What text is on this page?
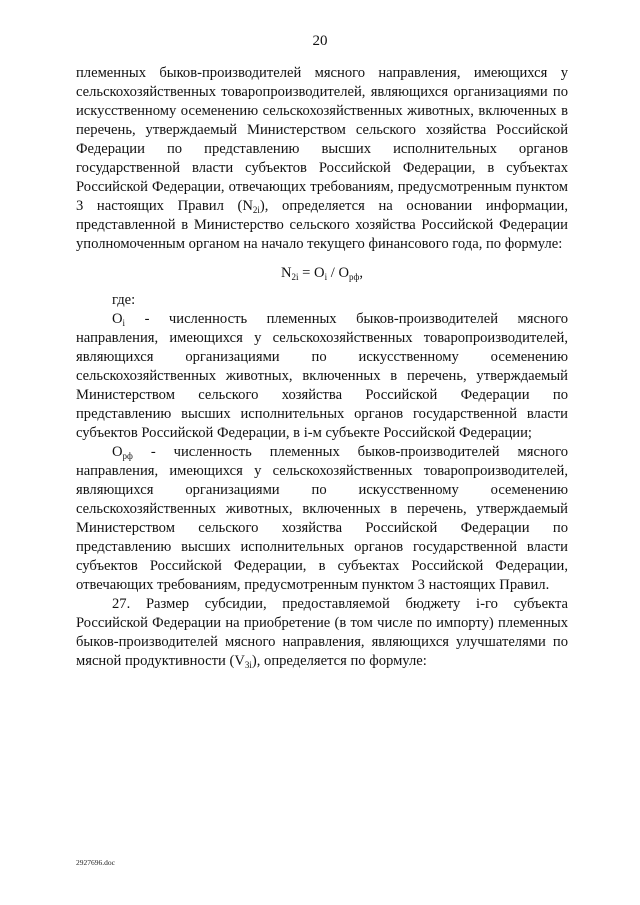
20

племенных быков-производителей мясного направления, имеющихся у сельскохозяйственных товаропроизводителей, являющихся организациями по искусственному осеменению сельскохозяйственных животных, включенных в перечень, утверждаемый Министерством сельского хозяйства Российской Федерации по представлению высших исполнительных органов государственной власти субъектов Российской Федерации, в субъектах Российской Федерации, отвечающих требованиям, предусмотренным пунктом 3 настоящих Правил $(N_{2i})$, определяется на основании информации, представленной в Министерство сельского хозяйства Российской Федерации уполномоченным органом на начало текущего финансового года, по формуле:

$N_{2i} = O_i / O_{рф}$,

где:

$O_i$ - численность племенных быков-производителей мясного направления, имеющихся у сельскохозяйственных товаропроизводителей, являющихся организациями по искусственному осеменению сельскохозяйственных животных, включенных в перечень, утверждаемый Министерством сельского хозяйства Российской Федерации по представлению высших исполнительных органов государственной власти субъектов Российской Федерации, в i-м субъекте Российской Федерации;

$O_{рф}$ - численность племенных быков-производителей мясного направления, имеющихся у сельскохозяйственных товаропроизводителей, являющихся организациями по искусственному осеменению сельскохозяйственных животных, включенных в перечень, утверждаемый Министерством сельского хозяйства Российской Федерации по представлению высших исполнительных органов государственной власти субъектов Российской Федерации, в субъектах Российской Федерации, отвечающих требованиям, предусмотренным пунктом 3 настоящих Правил.

27. Размер субсидии, предоставляемой бюджету i-го субъекта Российской Федерации на приобретение (в том числе по импорту) племенных быков-производителей мясного направления, являющихся улучшателями по мясной продуктивности $(V_{3i})$, определяется по формуле:

2927696.doc
